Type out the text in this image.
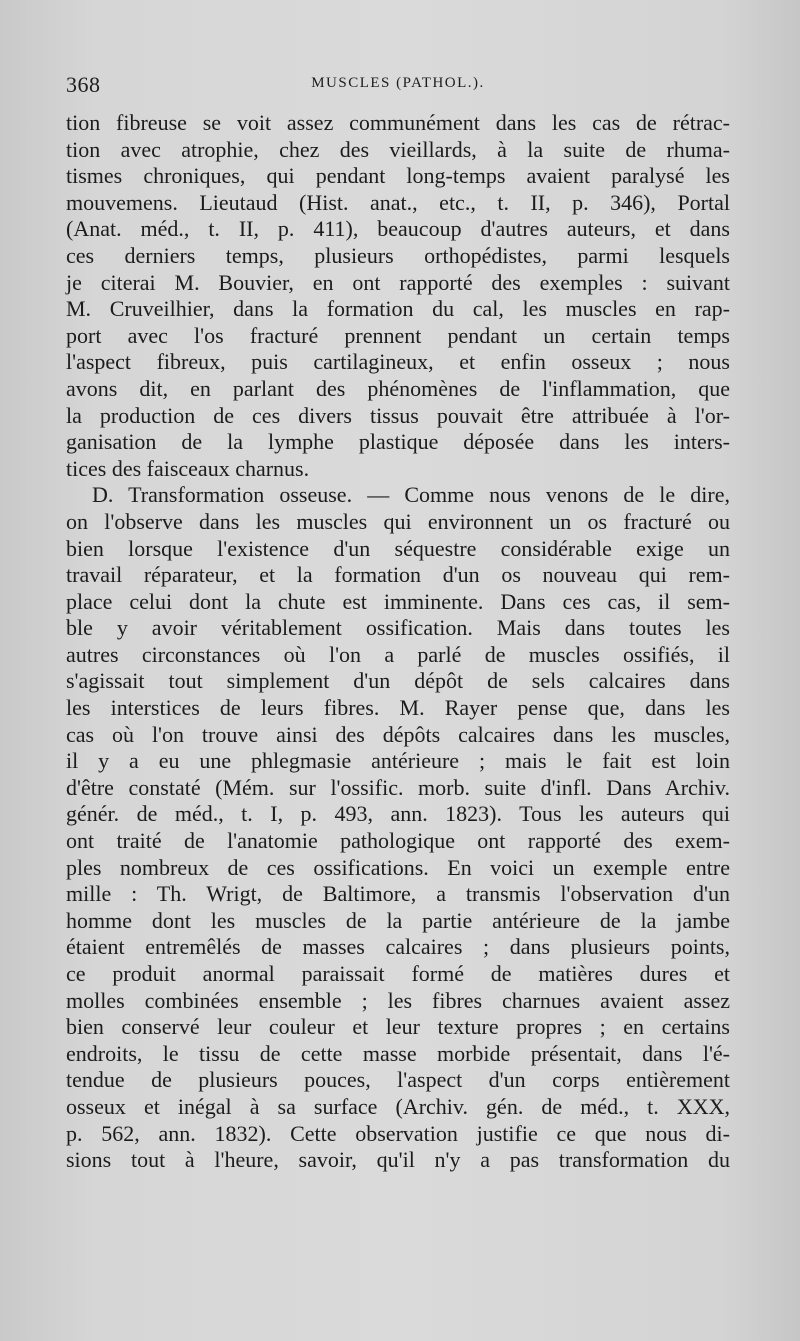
368	MUSCLES (PATHOL.).
tion fibreuse se voit assez communément dans les cas de rétrac-
tion avec atrophie, chez des vieillards, à la suite de rhuma-
tismes chroniques, qui pendant long-temps avaient paralysé les
mouvemens. Lieutaud (Hist. anat., etc., t. II, p. 346), Portal
(Anat. méd., t. II, p. 411), beaucoup d'autres auteurs, et dans
ces derniers temps, plusieurs orthopédistes, parmi lesquels
je citerai M. Bouvier, en ont rapporté des exemples : suivant
M. Cruveilhier, dans la formation du cal, les muscles en rap-
port avec l'os fracturé prennent pendant un certain temps
l'aspect fibreux, puis cartilagineux, et enfin osseux ; nous
avons dit, en parlant des phénomènes de l'inflammation, que
la production de ces divers tissus pouvait être attribuée à l'or-
ganisation de la lymphe plastique déposée dans les inters-
tices des faisceaux charnus.
D. Transformation osseuse. — Comme nous venons de le dire,
on l'observe dans les muscles qui environnent un os fracturé ou
bien lorsque l'existence d'un séquestre considérable exige un
travail réparateur, et la formation d'un os nouveau qui rem-
place celui dont la chute est imminente. Dans ces cas, il sem-
ble y avoir véritablement ossification. Mais dans toutes les
autres circonstances où l'on a parlé de muscles ossifiés, il
s'agissait tout simplement d'un dépôt de sels calcaires dans
les interstices de leurs fibres. M. Rayer pense que, dans les
cas où l'on trouve ainsi des dépôts calcaires dans les muscles,
il y a eu une phlegmasie antérieure ; mais le fait est loin
d'être constaté (Mém. sur l'ossific. morb. suite d'infl. Dans Archiv.
génér. de méd., t. I, p. 493, ann. 1823). Tous les auteurs qui
ont traité de l'anatomie pathologique ont rapporté des exem-
ples nombreux de ces ossifications. En voici un exemple entre
mille : Th. Wrigt, de Baltimore, a transmis l'observation d'un
homme dont les muscles de la partie antérieure de la jambe
étaient entremêlés de masses calcaires ; dans plusieurs points,
ce produit anormal paraissait formé de matières dures et
molles combinées ensemble ; les fibres charnues avaient assez
bien conservé leur couleur et leur texture propres ; en certains
endroits, le tissu de cette masse morbide présentait, dans l'é-
tendue de plusieurs pouces, l'aspect d'un corps entièrement
osseux et inégal à sa surface (Archiv. gén. de méd., t. XXX,
p. 562, ann. 1832). Cette observation justifie ce que nous di-
sions tout à l'heure, savoir, qu'il n'y a pas transformation du
